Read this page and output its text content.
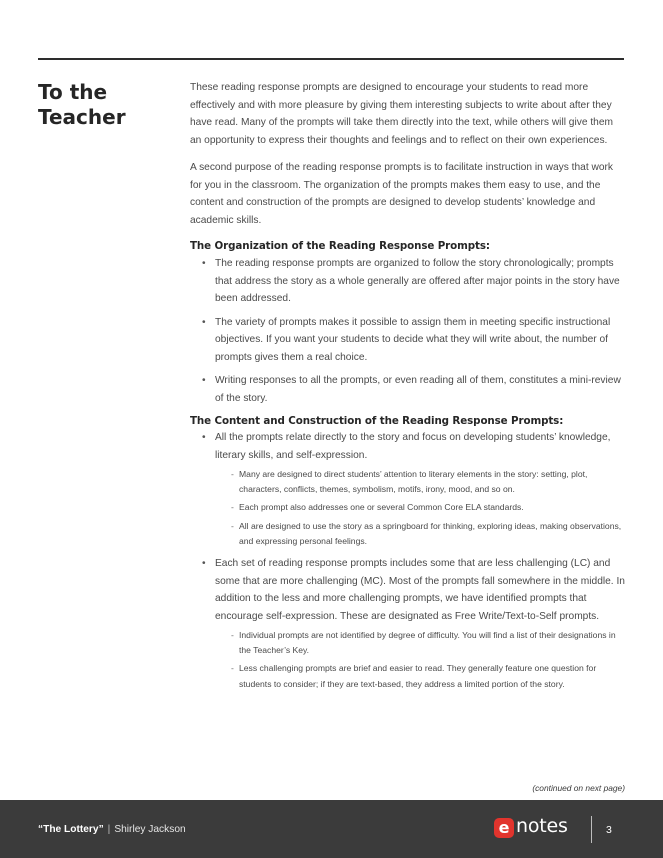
To the Teacher

These reading response prompts are designed to encourage your students to read more effectively and with more pleasure by giving them interesting subjects to write about after they have read. Many of the prompts will take them directly into the text, while others will give them an opportunity to express their thoughts and feelings and to reflect on their own experiences.

A second purpose of the reading response prompts is to facilitate instruction in ways that work for you in the classroom. The organization of the prompts makes them easy to use, and the content and construction of the prompts are designed to develop students’ knowledge and academic skills.

The Organization of the Reading Response Prompts:
• The reading response prompts are organized to follow the story chronologically; prompts that address the story as a whole generally are offered after major points in the story have been addressed.
• The variety of prompts makes it possible to assign them in meeting specific instructional objectives. If you want your students to decide what they will write about, the number of prompts gives them a real choice.
• Writing responses to all the prompts, or even reading all of them, constitutes a mini-review of the story.
The Content and Construction of the Reading Response Prompts:
• All the prompts relate directly to the story and focus on developing students’ knowledge, literary skills, and self-expression.
- Many are designed to direct students’ attention to literary elements in the story: setting, plot, characters, conflicts, themes, symbolism, motifs, irony, mood, and so on.
- Each prompt also addresses one or several Common Core ELA standards.
- All are designed to use the story as a springboard for thinking, exploring ideas, making observations, and expressing personal feelings.
• Each set of reading response prompts includes some that are less challenging (LC) and some that are more challenging (MC). Most of the prompts fall somewhere in the middle. In addition to the less and more challenging prompts, we have identified prompts that encourage self-expression. These are designated as Free Write/Text-to-Self prompts.
- Individual prompts are not identified by degree of difficulty. You will find a list of their designations in the Teacher’s Key.
- Less challenging prompts are brief and easier to read. They generally feature one question for students to consider; if they are text-based, they address a limited portion of the story.
(continued on next page)
“The Lottery” | Shirley Jackson	e notes	3
